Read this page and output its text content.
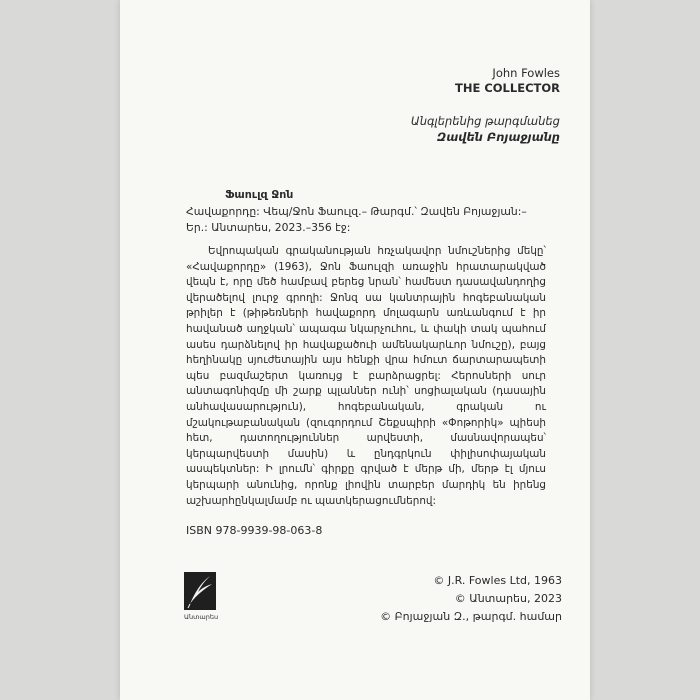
John Fowles
THE COLLECTOR
Անգլերենից թարգմանեց
Զավեն Բոյաջյանը
Ֆաուլզ Ջոն
Հավաքորդը: Վեպ/Ջոն Ֆաուլզ.– Թարգմ.՝ Զավեն Բոյաջյան:– Եր.: Անտարես, 2023.–356 էջ:

Եվրոպական գրականության հռչակավոր նմուշներից մեկը՝ «Հավաքորդը» (1963), Ջոն Ֆաուլզի առաջին հրատարակված վեպն է, որը մեծ համբավ բերեց նրան՝ համեստ դասավանդողից վերածելով լուրջ գրողի: Ջոնզ սա կանտրային հոգեբանական թրիլեր է (թիթեռների հավաքորդ մոլագարն առևանգում է իր հավանած աղջկան՝ ապագա նկարչուհու, և փակի տակ պահում ասես դարձնելով իր հավաքածուի ամենակարևոր նմուշը), բայց հեղինակը սյուժետային այս հենքի վրա հմուտ ճարտարապետի պես բազմաշերտ կառույց է բարձրացրել: Հերոսների սուր անտագոնիզմը մի շարք պլաններ ունի՝ սոցիալական (դասային անհավասարություն), հոգեբանական, գրական ու մշակութաբանական (զուգորդում Շեքսպիրի «Փոթորիկ» պիեսի հետ, դատողություններ արվեստի, մասնավորապես՝ կերպարվեստի մասին) և ընդգրկուն փիլիսոփայական ասպեկտներ: Ի լրումն՝ գիրքը գրված է մերթ մի, մերթ էլ մյուս կերպարի անունից, որոնք լիովին տարբեր մարդիկ են իրենց աշխարհընկալմամբ ու պատկերացումներով:

ISBN 978-9939-98-063-8
Անտարես
© J.R. Fowles Ltd, 1963
© Անտարես, 2023
© Բոյաջյան Զ., թարգմ. համար
